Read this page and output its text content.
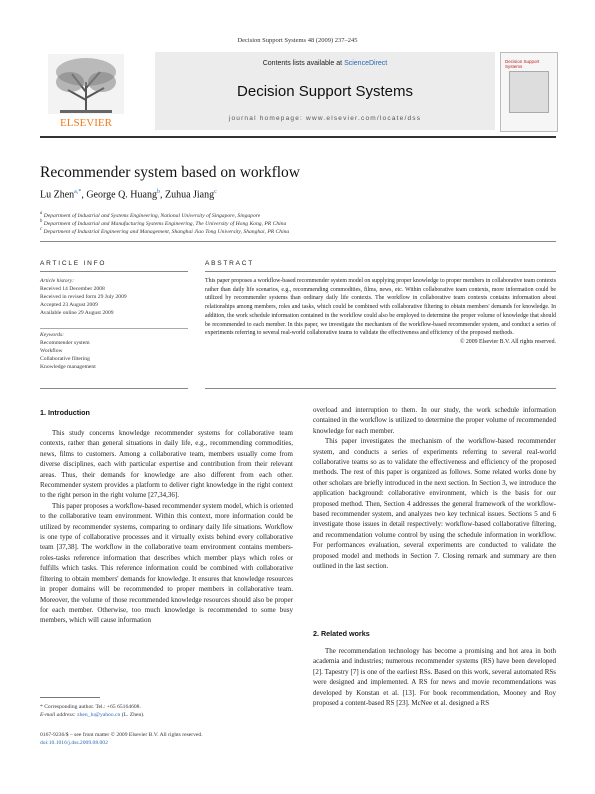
Decision Support Systems 48 (2009) 237–245
ELSEVIER
Contents lists available at ScienceDirect
Decision Support Systems
journal homepage: www.elsevier.com/locate/dss
Decision Support Systems
Recommender system based on workflow
Lu Zhen$^{a,*}$, George Q. Huang$^b$, Zuhua Jiang$^c$
$^a$ Department of Industrial and Systems Engineering, National University of Singapore, Singapore
$^b$ Department of Industrial and Manufacturing Systems Engineering, The University of Hong Kong, PR China
$^c$ Department of Industrial Engineering and Management, Shanghai Jiao Tong University, Shanghai, PR China
ARTICLE INFO
Article history:
Received 14 December 2008
Received in revised form 29 July 2009
Accepted 23 August 2009
Available online 29 August 2009
Keywords:
Recommender system
Workflow
Collaborative filtering
Knowledge management
ABSTRACT
This paper proposes a workflow-based recommender system model on supplying proper knowledge to proper members in collaborative team contexts rather than daily life scenarios, e.g., recommending commodities, films, news, etc. Within collaborative team contexts, more information could be utilized by recommender systems than ordinary daily life contexts. The workflow in collaborative team contexts contains information about relationships among members, roles and tasks, which could be combined with collaborative filtering to obtain members' demands for knowledge. In addition, the work schedule information contained in the workflow could also be employed to determine the proper volume of knowledge that should be recommended to each member. In this paper, we investigate the mechanism of the workflow-based recommender system, and conduct a series of experiments referring to several real-world collaborative teams to validate the effectiveness and efficiency of the proposed methods.
© 2009 Elsevier B.V. All rights reserved.
1. Introduction

This study concerns knowledge recommender systems for collaborative team contexts, rather than general situations in daily life, e.g., recommending commodities, news, films to customers. Among a collaborative team, members usually come from diverse disciplines, each with particular expertise and contribution from their relevant areas. Thus, their demands for knowledge are also different from each other. Recommender system provides a platform to deliver right knowledge in the right context to the right person in the right volume [27,34,36].

This paper proposes a workflow-based recommender system model, which is oriented to the collaborative team environment. Within this context, more information could be utilized by recommender systems, comparing to ordinary daily life situations. Workflow is one type of collaborative processes and it virtually exists behind every collaborative team [37,38]. The workflow in the collaborative team environment contains members-roles-tasks reference information that describes which member plays which roles or fulfills which tasks. This reference information could be combined with collaborative filtering to obtain members' demands for knowledge. It ensures that knowledge resources in proper domains will be recommended to proper members in collaborative team. Moreover, the volume of those recommended knowledge resources should also be proper for each member. Otherwise, too much knowledge is recommended to some busy members, which will cause information

overload and interruption to them. In our study, the work schedule information contained in the workflow is utilized to determine the proper volume of recommended knowledge for each member.

This paper investigates the mechanism of the workflow-based recommender system, and conducts a series of experiments referring to several real-world collaborative teams so as to validate the effectiveness and efficiency of the proposed methods. The rest of this paper is organized as follows. Some related works done by other scholars are briefly introduced in the next section. In Section 3, we introduce the application background: collaborative environment, which is the basis for our proposed method. Then, Section 4 addresses the general framework of the workflow-based recommender system, and analyzes two key technical issues. Sections 5 and 6 investigate those issues in detail respectively: workflow-based collaborative filtering, and recommendation volume control by using the schedule information in workflow. For performances evaluation, several experiments are conducted to validate the proposed model and methods in Section 7. Closing remark and summary are then outlined in the last section.

2. Related works

The recommendation technology has become a promising and hot area in both academia and industries; numerous recommender systems (RS) have been developed [2]. Tapestry [7] is one of the earliest RSs. Based on this work, several automated RSs were designed and implemented. A RS for news and movie recommendations was developed by Konstan et al. [13]. For book recommendation, Mooney and Roy proposed a content-based RS [23]. McNee et al. designed a RS

* Corresponding author. Tel.: +65 65164608.
E-mail address: zhen_lu@yahoo.cn (L. Zhen).
0167-9236/$ – see front matter © 2009 Elsevier B.V. All rights reserved.
doi:10.1016/j.dss.2009.08.002
